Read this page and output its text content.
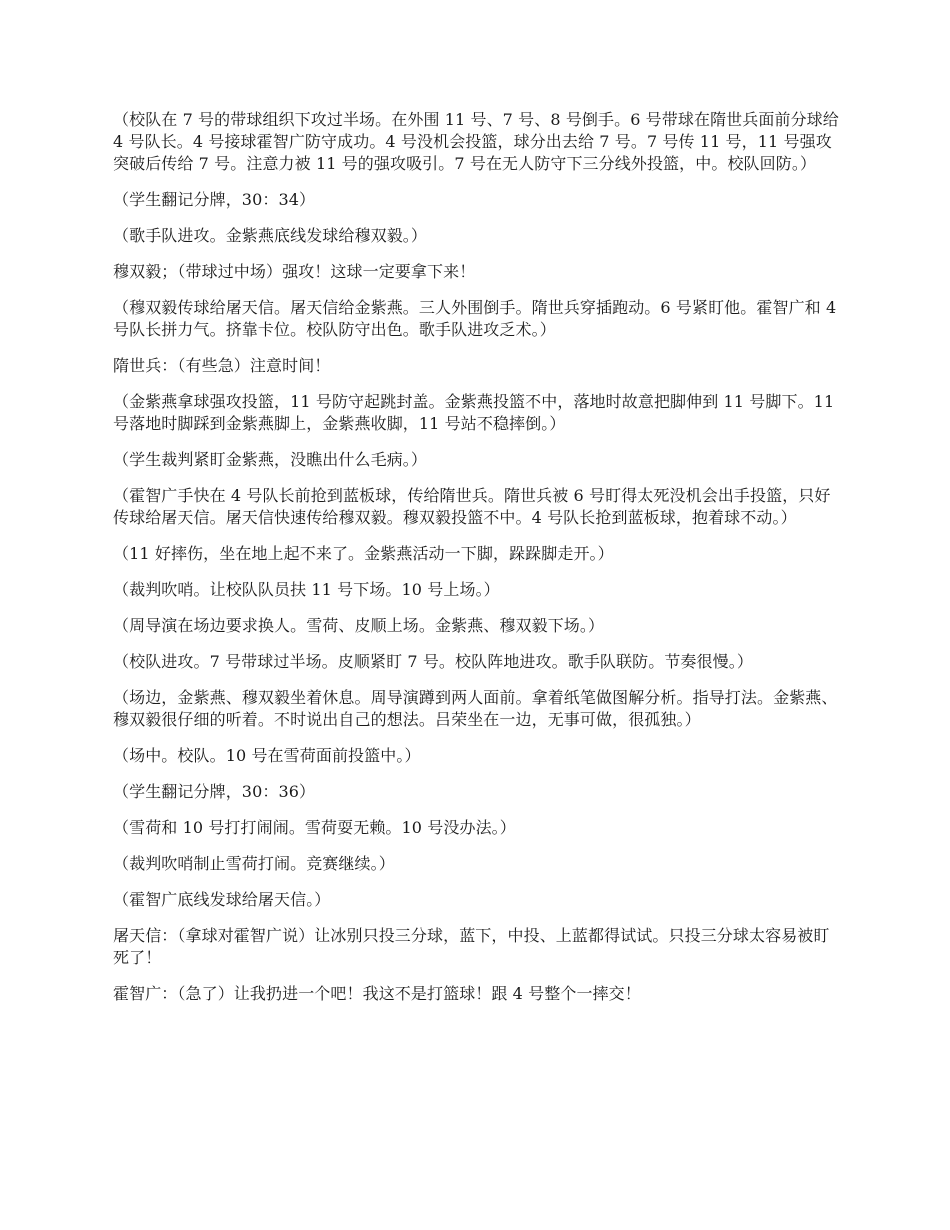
（校队在 7 号的带球组织下攻过半场。在外围 11 号、7 号、8 号倒手。6 号带球在隋世兵面前分球给 4 号队长。4 号接球霍智广防守成功。4 号没机会投篮，球分出去给 7 号。7 号传 11 号，11 号强攻突破后传给 7 号。注意力被 11 号的强攻吸引。7 号在无人防守下三分线外投篮，中。校队回防。）

（学生翻记分牌，30：34）

（歌手队进攻。金紫燕底线发球给穆双毅。）

穆双毅；（带球过中场）强攻！这球一定要拿下来！

（穆双毅传球给屠天信。屠天信给金紫燕。三人外围倒手。隋世兵穿插跑动。6 号紧盯他。霍智广和 4 号队长拼力气。挤靠卡位。校队防守出色。歌手队进攻乏术。）

隋世兵：（有些急）注意时间！

（金紫燕拿球强攻投篮，11 号防守起跳封盖。金紫燕投篮不中，落地时故意把脚伸到 11 号脚下。11 号落地时脚踩到金紫燕脚上，金紫燕收脚，11 号站不稳摔倒。）

（学生裁判紧盯金紫燕，没瞧出什么毛病。）

（霍智广手快在 4 号队长前抢到蓝板球，传给隋世兵。隋世兵被 6 号盯得太死没机会出手投篮，只好传球给屠天信。屠天信快速传给穆双毅。穆双毅投篮不中。4 号队长抢到蓝板球，抱着球不动。）

（11 好摔伤，坐在地上起不来了。金紫燕活动一下脚，跺跺脚走开。）

（裁判吹哨。让校队队员扶 11 号下场。10 号上场。）

（周导演在场边要求换人。雪荷、皮顺上场。金紫燕、穆双毅下场。）

（校队进攻。7 号带球过半场。皮顺紧盯 7 号。校队阵地进攻。歌手队联防。节奏很慢。）

（场边，金紫燕、穆双毅坐着休息。周导演蹲到两人面前。拿着纸笔做图解分析。指导打法。金紫燕、穆双毅很仔细的听着。不时说出自己的想法。吕荣坐在一边，无事可做，很孤独。）

（场中。校队。10 号在雪荷面前投篮中。）

（学生翻记分牌，30：36）

（雪荷和 10 号打打闹闹。雪荷耍无赖。10 号没办法。）

（裁判吹哨制止雪荷打闹。竞赛继续。）

（霍智广底线发球给屠天信。）

屠天信：（拿球对霍智广说）让冰别只投三分球，蓝下，中投、上蓝都得试试。只投三分球太容易被盯死了！

霍智广：（急了）让我扔进一个吧！我这不是打篮球！跟 4 号整个一摔交！
